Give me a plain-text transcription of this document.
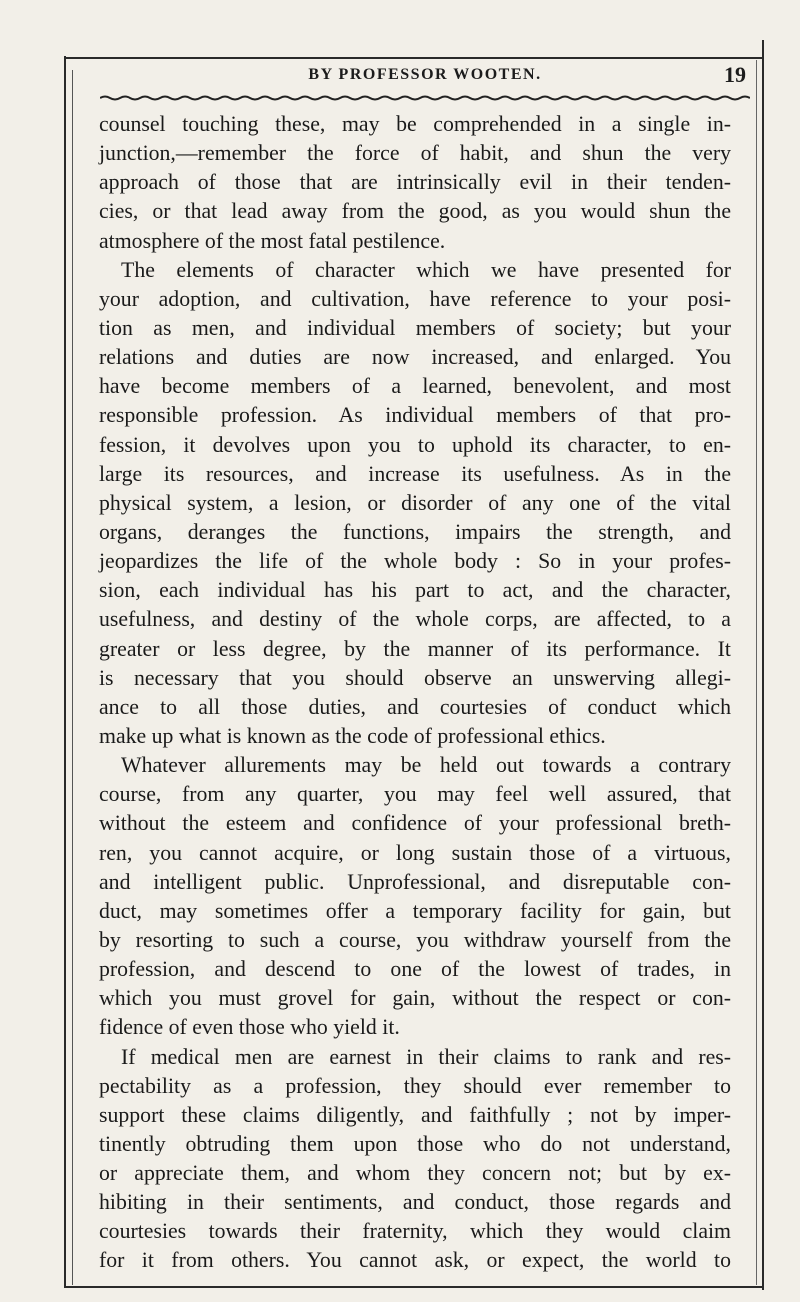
BY PROFESSOR WOOTEN.	19
counsel touching these, may be comprehended in a single in-
junction,—remember the force of habit, and shun the very
approach of those that are intrinsically evil in their tenden-
cies, or that lead away from the good, as you would shun the
atmosphere of the most fatal pestilence.
The elements of character which we have presented for
your adoption, and cultivation, have reference to your posi-
tion as men, and individual members of society; but your
relations and duties are now increased, and enlarged. You
have become members of a learned, benevolent, and most
responsible profession. As individual members of that pro-
fession, it devolves upon you to uphold its character, to en-
large its resources, and increase its usefulness. As in the
physical system, a lesion, or disorder of any one of the vital
organs, deranges the functions, impairs the strength, and
jeopardizes the life of the whole body : So in your profes-
sion, each individual has his part to act, and the character,
usefulness, and destiny of the whole corps, are affected, to a
greater or less degree, by the manner of its performance. It
is necessary that you should observe an unswerving allegi-
ance to all those duties, and courtesies of conduct which
make up what is known as the code of professional ethics.
Whatever allurements may be held out towards a contrary
course, from any quarter, you may feel well assured, that
without the esteem and confidence of your professional breth-
ren, you cannot acquire, or long sustain those of a virtuous,
and intelligent public. Unprofessional, and disreputable con-
duct, may sometimes offer a temporary facility for gain, but
by resorting to such a course, you withdraw yourself from the
profession, and descend to one of the lowest of trades, in
which you must grovel for gain, without the respect or con-
fidence of even those who yield it.
If medical men are earnest in their claims to rank and res-
pectability as a profession, they should ever remember to
support these claims diligently, and faithfully ; not by imper-
tinently obtruding them upon those who do not understand,
or appreciate them, and whom they concern not; but by ex-
hibiting in their sentiments, and conduct, those regards and
courtesies towards their fraternity, which they would claim
for it from others. You cannot ask, or expect, the world to
